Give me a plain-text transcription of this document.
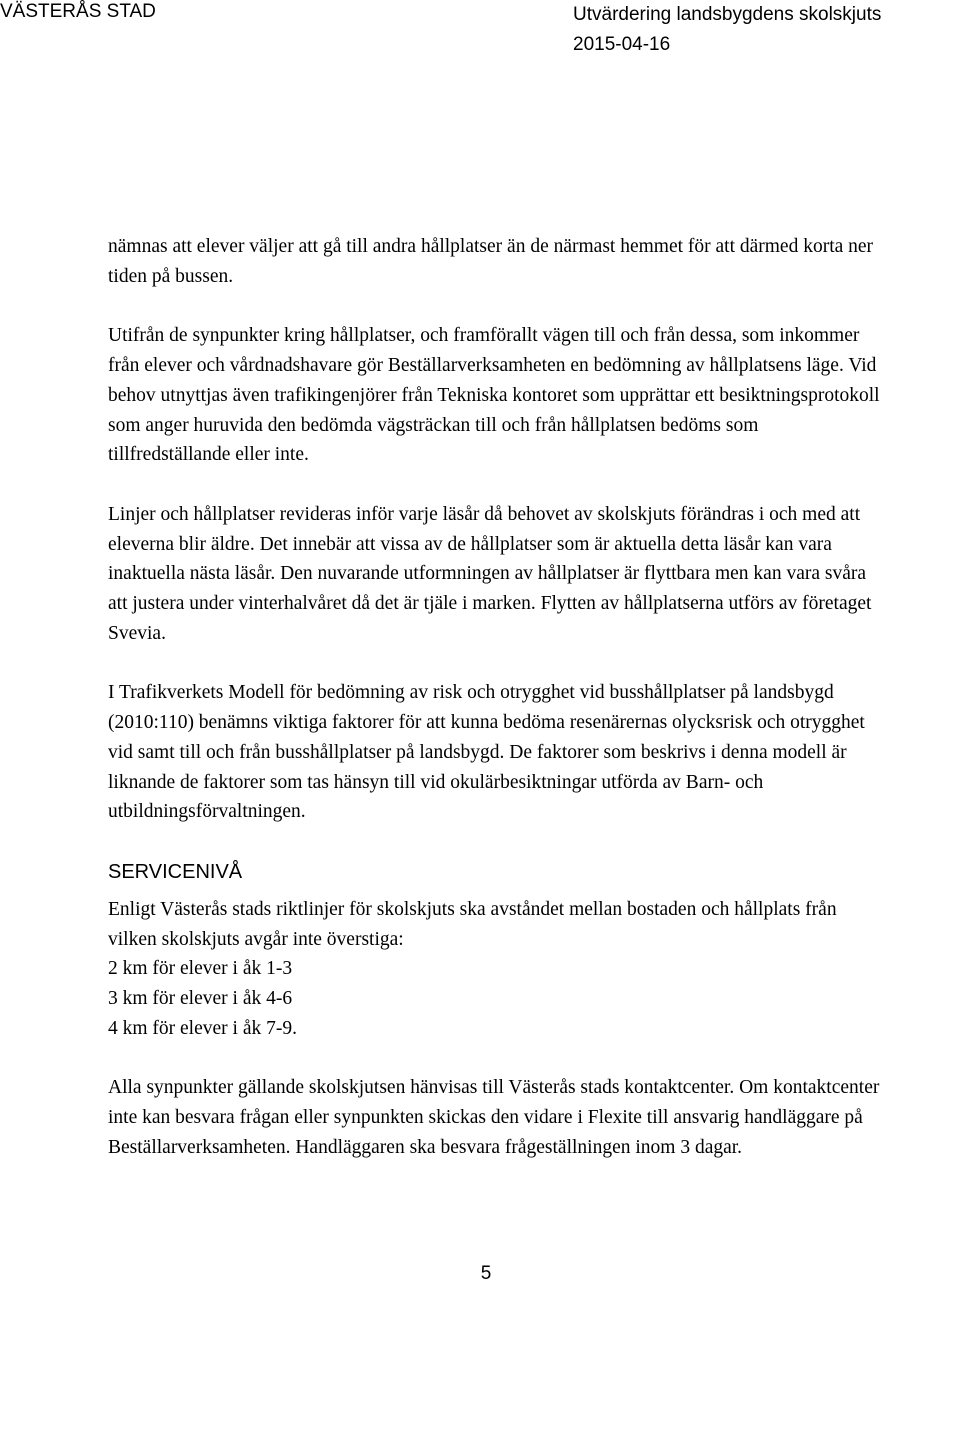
VÄSTERÅS STAD	Utvärdering landsbygdens skolskjuts
2015-04-16

nämnas att elever väljer att gå till andra hållplatser än de närmast hemmet för att därmed korta ner tiden på bussen.

Utifrån de synpunkter kring hållplatser, och framförallt vägen till och från dessa, som inkommer från elever och vårdnadshavare gör Beställarverksamheten en bedömning av hållplatsens läge. Vid behov utnyttjas även trafikingenjörer från Tekniska kontoret som upprättar ett besiktningsprotokoll som anger huruvida den bedömda vägsträckan till och från hållplatsen bedöms som tillfredställande eller inte.

Linjer och hållplatser revideras inför varje läsår då behovet av skolskjuts förändras i och med att eleverna blir äldre. Det innebär att vissa av de hållplatser som är aktuella detta läsår kan vara inaktuella nästa läsår. Den nuvarande utformningen av hållplatser är flyttbara men kan vara svåra att justera under vinterhalvåret då det är tjäle i marken. Flytten av hållplatserna utförs av företaget Svevia.

I Trafikverkets Modell för bedömning av risk och otrygghet vid busshållplatser på landsbygd (2010:110) benämns viktiga faktorer för att kunna bedöma resenärernas olycksrisk och otrygghet vid samt till och från busshållplatser på landsbygd. De faktorer som beskrivs i denna modell är liknande de faktorer som tas hänsyn till vid okulärbesiktningar utförda av Barn- och utbildningsförvaltningen.

SERVICENIVÅ

Enligt Västerås stads riktlinjer för skolskjuts ska avståndet mellan bostaden och hållplats från vilken skolskjuts avgår inte överstiga:
2 km för elever i åk 1-3
3 km för elever i åk 4-6
4 km för elever i åk 7-9.

Alla synpunkter gällande skolskjutsen hänvisas till Västerås stads kontaktcenter. Om kontaktcenter inte kan besvara frågan eller synpunkten skickas den vidare i Flexite till ansvarig handläggare på Beställarverksamheten. Handläggaren ska besvara frågeställningen inom 3 dagar.

5
